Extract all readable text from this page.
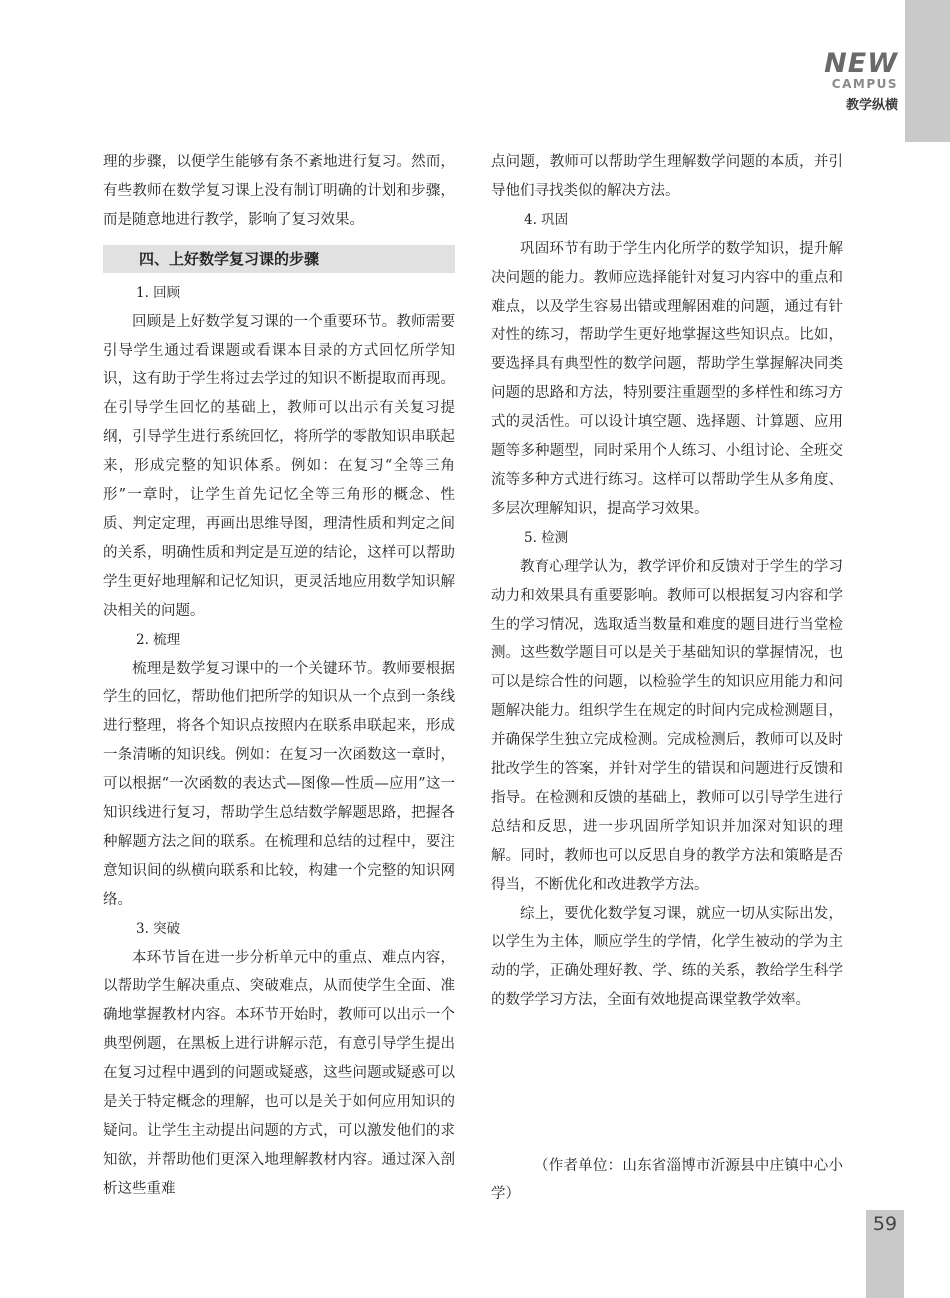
NEW
CAMPUS
教学纵横

理的步骤，以便学生能够有条不紊地进行复习。然而，有些教师在数学复习课上没有制订明确的计划和步骤，而是随意地进行教学，影响了复习效果。

四、上好数学复习课的步骤

1. 回顾

回顾是上好数学复习课的一个重要环节。教师需要引导学生通过看课题或看课本目录的方式回忆所学知识，这有助于学生将过去学过的知识不断提取而再现。在引导学生回忆的基础上，教师可以出示有关复习提纲，引导学生进行系统回忆，将所学的零散知识串联起来，形成完整的知识体系。例如：在复习“全等三角形”一章时，让学生首先记忆全等三角形的概念、性质、判定定理，再画出思维导图，理清性质和判定之间的关系，明确性质和判定是互逆的结论，这样可以帮助学生更好地理解和记忆知识，更灵活地应用数学知识解决相关的问题。

2. 梳理

梳理是数学复习课中的一个关键环节。教师要根据学生的回忆，帮助他们把所学的知识从一个点到一条线进行整理，将各个知识点按照内在联系串联起来，形成一条清晰的知识线。例如：在复习一次函数这一章时，可以根据“一次函数的表达式—图像—性质—应用”这一知识线进行复习，帮助学生总结数学解题思路，把握各种解题方法之间的联系。在梳理和总结的过程中，要注意知识间的纵横向联系和比较，构建一个完整的知识网络。

3. 突破

本环节旨在进一步分析单元中的重点、难点内容，以帮助学生解决重点、突破难点，从而使学生全面、准确地掌握教材内容。本环节开始时，教师可以出示一个典型例题，在黑板上进行讲解示范，有意引导学生提出在复习过程中遇到的问题或疑惑，这些问题或疑惑可以是关于特定概念的理解，也可以是关于如何应用知识的疑问。让学生主动提出问题的方式，可以激发他们的求知欲，并帮助他们更深入地理解教材内容。通过深入剖析这些重难

点问题，教师可以帮助学生理解数学问题的本质，并引导他们寻找类似的解决方法。

4. 巩固

巩固环节有助于学生内化所学的数学知识，提升解决问题的能力。教师应选择能针对复习内容中的重点和难点，以及学生容易出错或理解困难的问题，通过有针对性的练习，帮助学生更好地掌握这些知识点。比如，要选择具有典型性的数学问题，帮助学生掌握解决同类问题的思路和方法，特别要注重题型的多样性和练习方式的灵活性。可以设计填空题、选择题、计算题、应用题等多种题型，同时采用个人练习、小组讨论、全班交流等多种方式进行练习。这样可以帮助学生从多角度、多层次理解知识，提高学习效果。

5. 检测

教育心理学认为，教学评价和反馈对于学生的学习动力和效果具有重要影响。教师可以根据复习内容和学生的学习情况，选取适当数量和难度的题目进行当堂检测。这些数学题目可以是关于基础知识的掌握情况，也可以是综合性的问题，以检验学生的知识应用能力和问题解决能力。组织学生在规定的时间内完成检测题目，并确保学生独立完成检测。完成检测后，教师可以及时批改学生的答案，并针对学生的错误和问题进行反馈和指导。在检测和反馈的基础上，教师可以引导学生进行总结和反思，进一步巩固所学知识并加深对知识的理解。同时，教师也可以反思自身的教学方法和策略是否得当，不断优化和改进教学方法。

综上，要优化数学复习课，就应一切从实际出发，以学生为主体，顺应学生的学情，化学生被动的学为主动的学，正确处理好教、学、练的关系，教给学生科学的数学学习方法，全面有效地提高课堂教学效率。

（作者单位：山东省淄博市沂源县中庄镇中心小学）

59
